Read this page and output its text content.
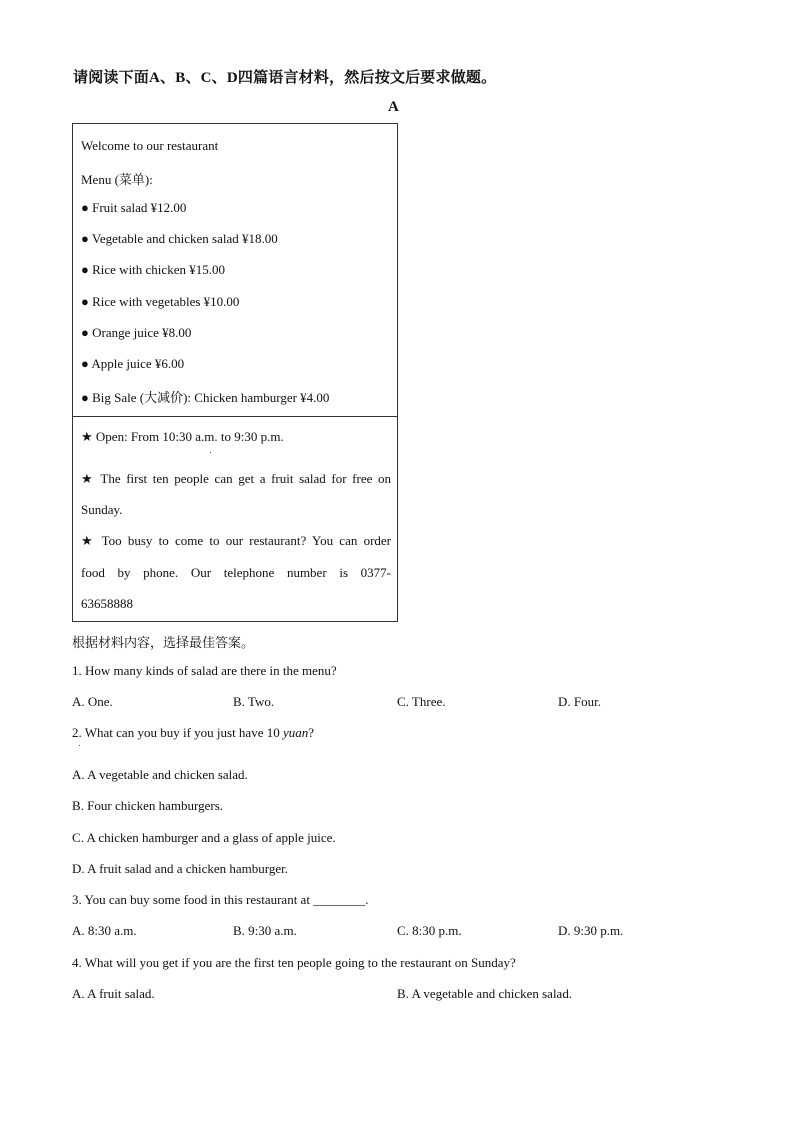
请阅读下面A、B、C、D四篇语言材料，然后按文后要求做题。
A
Welcome to our restaurant
Menu (菜单):
● Fruit salad ¥12.00
● Vegetable and chicken salad ¥18.00
● Rice with chicken ¥15.00
● Rice with vegetables ¥10.00
● Orange juice ¥8.00
● Apple juice ¥6.00
● Big Sale (大减价): Chicken hamburger ¥4.00
★ Open: From 10:30 a.m. to 9:30 p.m.
★ The first ten people can get a fruit salad for free on
Sunday.
★ Too busy to come to our restaurant? You can order
food by phone. Our telephone number is 0377-
63658888
根据材料内容，选择最佳答案。
1. How many kinds of salad are there in the menu?
A. One.	B. Two.	C. Three.	D. Four.
2. What can you buy if you just have 10 yuan?
A. A vegetable and chicken salad.
B. Four chicken hamburgers.
C. A chicken hamburger and a glass of apple juice.
D. A fruit salad and a chicken hamburger.
3. You can buy some food in this restaurant at ________.
A. 8:30 a.m.	B. 9:30 a.m.	C. 8:30 p.m.	D. 9:30 p.m.
4. What will you get if you are the first ten people going to the restaurant on Sunday?
A. A fruit salad.	B. A vegetable and chicken salad.
